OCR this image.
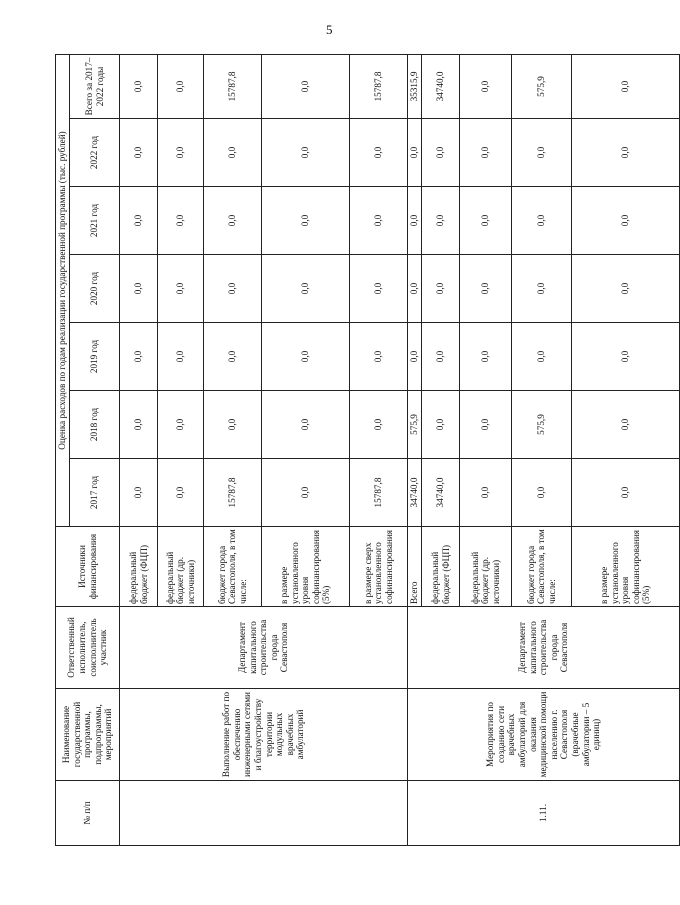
5
№ п/п	Наименование государственной программы, подпрограммы, мероприятий	Ответственный исполнитель, соисполнитель участник	Источники финансирования	Оценка расходов по годам реализации государственной программы (тыс. рублей)						
				2017 год	2018 год	2019 год	2020 год	2021 год	2022 год	Всего за 2017–2022 годы
	Выполнение работ по обеспечению инженерными сетями и благоустройству территории модульных врачебных амбулаторий	Департамент капитального строительства города Севастополя	федеральный бюджет (ФЦП)	0,0	0,0	0,0	0,0	0,0	0,0	0,0
			федеральный бюджет (др. источники)	0,0	0,0	0,0	0,0	0,0	0,0	0,0
			бюджет города Севастополя, в том числе:	15787,8	0,0	0,0	0,0	0,0	0,0	15787,8
			в размере установленного уровня софинансирования (5%)	0,0	0,0	0,0	0,0	0,0	0,0	0,0
			в размере сверх установленного софинансирования	15787,8	0,0	0,0	0,0	0,0	0,0	15787,8
1.11.	Мероприятия по созданию сети врачебных амбулаторий для оказания медицинской помощи населению г. Севастополя (врачебные амбулатории – 5 единиц)	Департамент капитального строительства города Севастополя	Всего	34740,0	575,9	0,0	0,0	0,0	0,0	35315,9
			федеральный бюджет (ФЦП)	34740,0	0,0	0,0	0,0	0,0	0,0	34740,0
			федеральный бюджет (др. источники)	0,0	0,0	0,0	0,0	0,0	0,0	0,0
			бюджет города Севастополя, в том числе:	0,0	575,9	0,0	0,0	0,0	0,0	575,9
			в размере установленного уровня софинансирования (5%)	0,0	0,0	0,0	0,0	0,0	0,0	0,0
